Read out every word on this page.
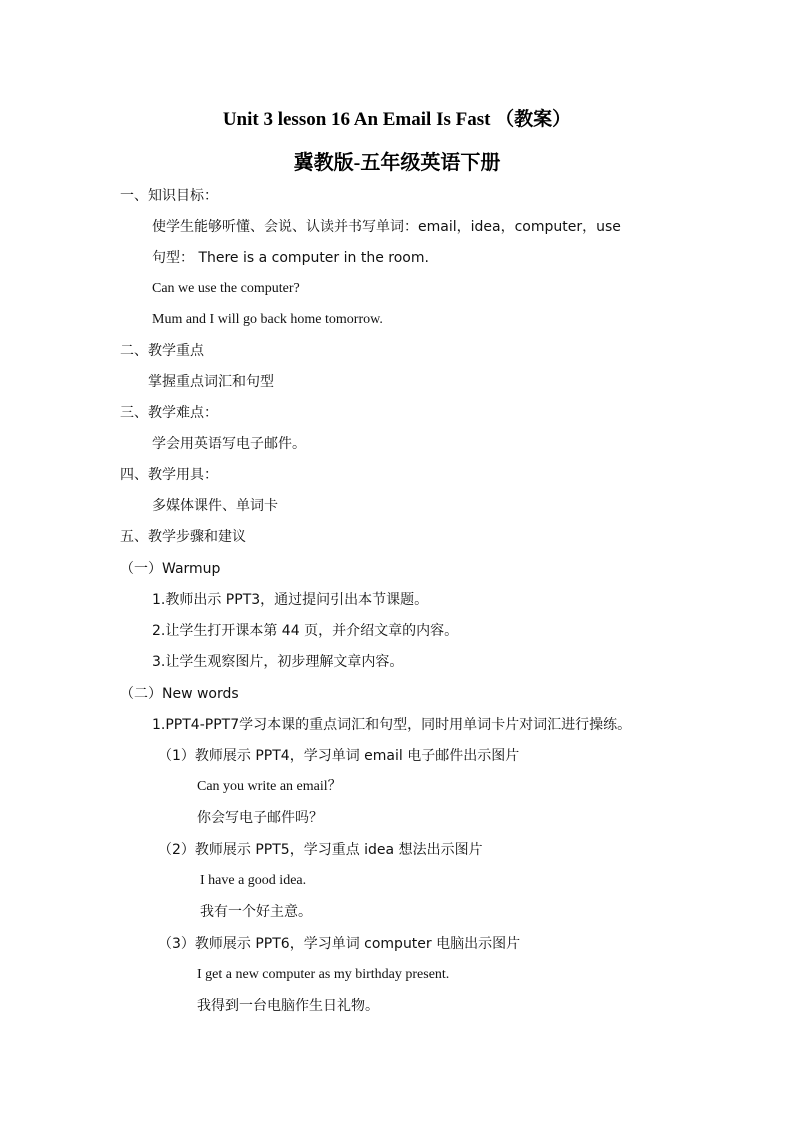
Unit 3 lesson 16 An Email Is Fast （教案）
冀教版-五年级英语下册
一、知识目标：
使学生能够听懂、会说、认读并书写单词：email，idea，computer，use
句型： There is a computer in the room.
Can we use the computer?
Mum and I will go back home tomorrow.
二、教学重点
掌握重点词汇和句型
三、教学难点：
学会用英语写电子邮件。
四、教学用具：
多媒体课件、单词卡
五、教学步骤和建议
（一）Warmup
1.教师出示 PPT3，通过提问引出本节课题。
2.让学生打开课本第 44 页，并介绍文章的内容。
3.让学生观察图片，初步理解文章内容。
（二）New words
1.PPT4-PPT7学习本课的重点词汇和句型，同时用单词卡片对词汇进行操练。
（1）教师展示 PPT4，学习单词 email 电子邮件出示图片
Can you write an email？
你会写电子邮件吗？
（2）教师展示 PPT5，学习重点 idea 想法出示图片
I have a good idea.
我有一个好主意。
（3）教师展示 PPT6，学习单词 computer 电脑出示图片
I get a new computer as my birthday present.
我得到一台电脑作生日礼物。
